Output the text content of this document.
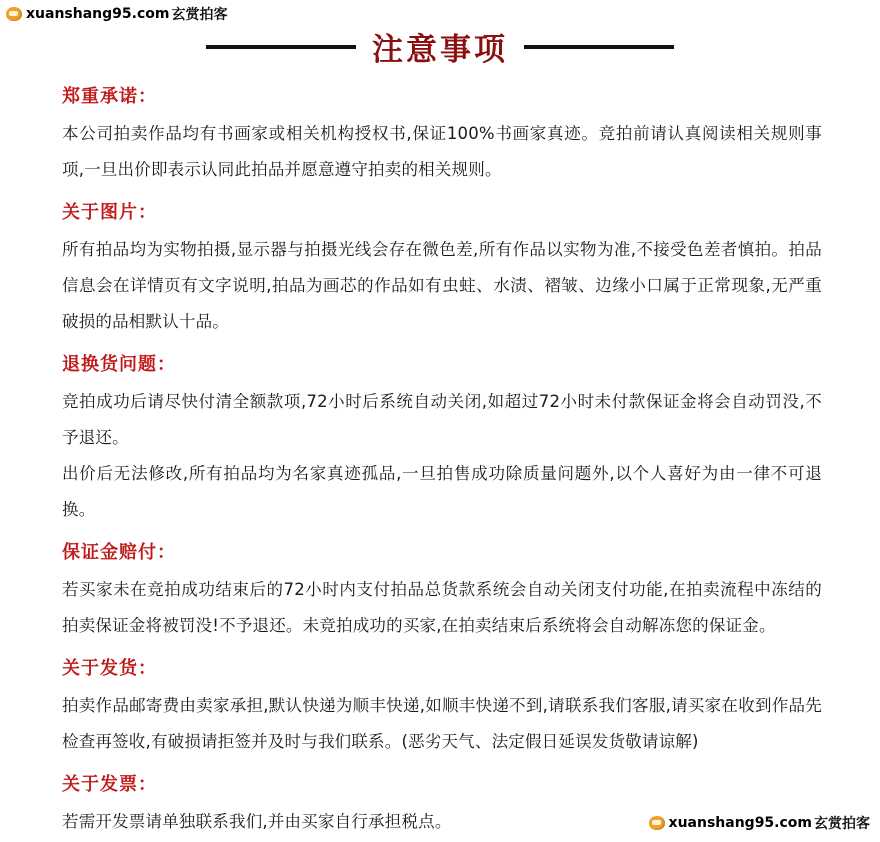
xuanshang95.com 玄赏拍客
注意事项
郑重承诺：

本公司拍卖作品均有书画家或相关机构授权书,保证100%书画家真迹。竞拍前请认真阅读相关规则事项,一旦出价即表示认同此拍品并愿意遵守拍卖的相关规则。

关于图片：

所有拍品均为实物拍摄,显示器与拍摄光线会存在微色差,所有作品以实物为准,不接受色差者慎拍。拍品信息会在详情页有文字说明,拍品为画芯的作品如有虫蛀、水渍、褶皱、边缘小口属于正常现象,无严重破损的品相默认十品。

退换货问题：

竞拍成功后请尽快付清全额款项,72小时后系统自动关闭,如超过72小时未付款保证金将会自动罚没,不予退还。

出价后无法修改,所有拍品均为名家真迹孤品,一旦拍售成功除质量问题外,以个人喜好为由一律不可退换。

保证金赔付：

若买家未在竞拍成功结束后的72小时内支付拍品总货款系统会自动关闭支付功能,在拍卖流程中冻结的拍卖保证金将被罚没!不予退还。未竞拍成功的买家,在拍卖结束后系统将会自动解冻您的保证金。

关于发货：

拍卖作品邮寄费由卖家承担,默认快递为顺丰快递,如顺丰快递不到,请联系我们客服,请买家在收到作品先检查再签收,有破损请拒签并及时与我们联系。(恶劣天气、法定假日延误发货敬请谅解)

关于发票：

若需开发票请单独联系我们,并由买家自行承担税点。	xuanshang95.com 玄赏拍客
